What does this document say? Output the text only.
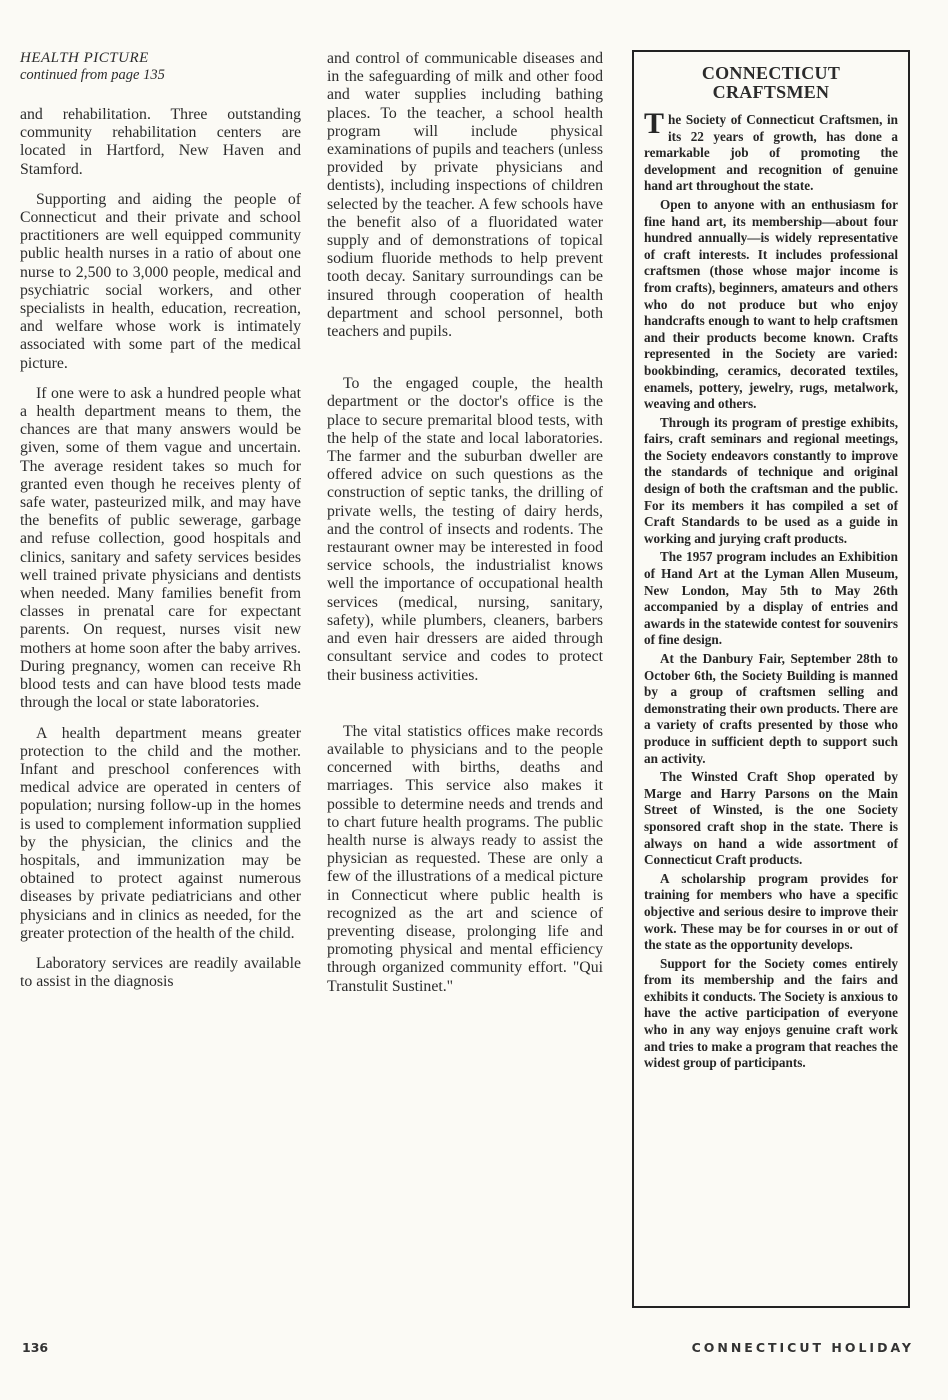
HEALTH PICTURE
continued from page 135

and rehabilitation. Three outstanding community rehabilitation centers are located in Hartford, New Haven and Stamford.

Supporting and aiding the people of Connecticut and their private and school practitioners are well equipped community public health nurses in a ratio of about one nurse to 2,500 to 3,000 people, medical and psychiatric social workers, and other specialists in health, education, recreation, and welfare whose work is intimately associated with some part of the medical picture.

If one were to ask a hundred people what a health department means to them, the chances are that many answers would be given, some of them vague and uncertain. The average resident takes so much for granted even though he receives plenty of safe water, pasteurized milk, and may have the benefits of public sewerage, garbage and refuse collection, good hospitals and clinics, sanitary and safety services besides well trained private physicians and dentists when needed. Many families benefit from classes in prenatal care for expectant parents. On request, nurses visit new mothers at home soon after the baby arrives. During pregnancy, women can receive Rh blood tests and can have blood tests made through the local or state laboratories.

A health department means greater protection to the child and the mother. Infant and preschool conferences with medical advice are operated in centers of population; nursing follow-up in the homes is used to complement information supplied by the physician, the clinics and the hospitals, and immunization may be obtained to protect against numerous diseases by private pediatricians and other physicians and in clinics as needed, for the greater protection of the health of the child.

Laboratory services are readily available to assist in the diagnosis

and control of communicable diseases and in the safeguarding of milk and other food and water supplies including bathing places. To the teacher, a school health program will include physical examinations of pupils and teachers (unless provided by private physicians and dentists), including inspections of children selected by the teacher. A few schools have the benefit also of a fluoridated water supply and of demonstrations of topical sodium fluoride methods to help prevent tooth decay. Sanitary surroundings can be insured through cooperation of health department and school personnel, both teachers and pupils.

To the engaged couple, the health department or the doctor's office is the place to secure premarital blood tests, with the help of the state and local laboratories. The farmer and the suburban dweller are offered advice on such questions as the construction of septic tanks, the drilling of private wells, the testing of dairy herds, and the control of insects and rodents. The restaurant owner may be interested in food service schools, the industrialist knows well the importance of occupational health services (medical, nursing, sanitary, safety), while plumbers, cleaners, barbers and even hair dressers are aided through consultant service and codes to protect their business activities.

The vital statistics offices make records available to physicians and to the people concerned with births, deaths and marriages. This service also makes it possible to determine needs and trends and to chart future health programs. The public health nurse is always ready to assist the physician as requested. These are only a few of the illustrations of a medical picture in Connecticut where public health is recognized as the art and science of preventing disease, prolonging life and promoting physical and mental efficiency through organized community effort. "Qui Transtulit Sustinet."

CONNECTICUT
CRAFTSMEN

The Society of Connecticut Craftsmen, in its 22 years of growth, has done a remarkable job of promoting the development and recognition of genuine hand art throughout the state.

Open to anyone with an enthusiasm for fine hand art, its membership—about four hundred annually—is widely representative of craft interests. It includes professional craftsmen (those whose major income is from crafts), beginners, amateurs and others who do not produce but who enjoy handcrafts enough to want to help craftsmen and their products become known. Crafts represented in the Society are varied: bookbinding, ceramics, decorated textiles, enamels, pottery, jewelry, rugs, metalwork, weaving and others.

Through its program of prestige exhibits, fairs, craft seminars and regional meetings, the Society endeavors constantly to improve the standards of technique and original design of both the craftsman and the public. For its members it has compiled a set of Craft Standards to be used as a guide in working and jurying craft products.

The 1957 program includes an Exhibition of Hand Art at the Lyman Allen Museum, New London, May 5th to May 26th accompanied by a display of entries and awards in the statewide contest for souvenirs of fine design.

At the Danbury Fair, September 28th to October 6th, the Society Building is manned by a group of craftsmen selling and demonstrating their own products. There are a variety of crafts presented by those who produce in sufficient depth to support such an activity.

The Winsted Craft Shop operated by Marge and Harry Parsons on the Main Street of Winsted, is the one Society sponsored craft shop in the state. There is always on hand a wide assortment of Connecticut Craft products.

A scholarship program provides for training for members who have a specific objective and serious desire to improve their work. These may be for courses in or out of the state as the opportunity develops.

Support for the Society comes entirely from its membership and the fairs and exhibits it conducts. The Society is anxious to have the active participation of everyone who in any way enjoys genuine craft work and tries to make a program that reaches the widest group of participants.

136	CONNECTICUT HOLIDAY
